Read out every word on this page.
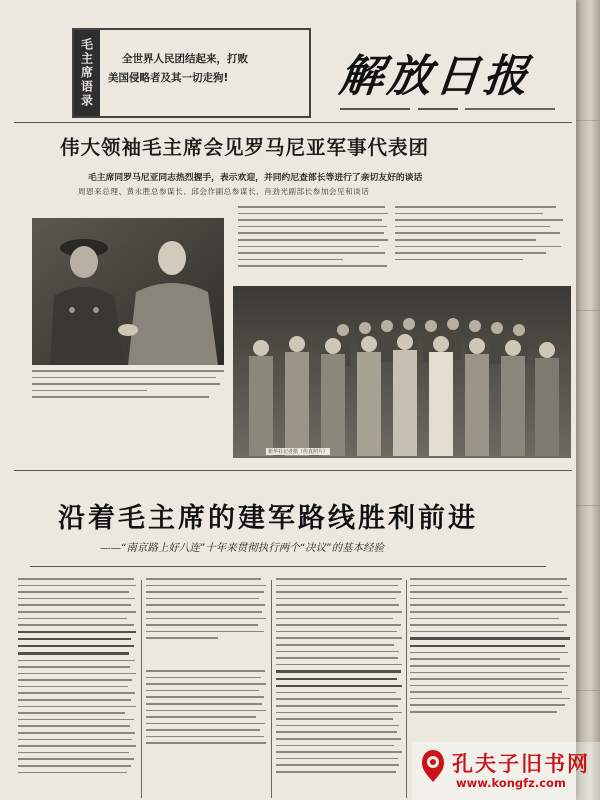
毛主席语录	全世界人民团结起来，打败
美国侵略者及其一切走狗!	解放日报

伟大领袖毛主席会见罗马尼亚军事代表团
毛主席同罗马尼亚同志热烈握手，表示欢迎，并同约尼查部长等进行了亲切友好的谈话
周恩来总理、黄永胜总参谋长、邱会作副总参谋长、肖劲光副部长参加会见和谈话
新华社记者摄（传真照片）
沿着毛主席的建军路线胜利前进
——“南京路上好八连”十年来贯彻执行两个“决议”的基本经验
孔夫子旧书网
www.kongfz.com
